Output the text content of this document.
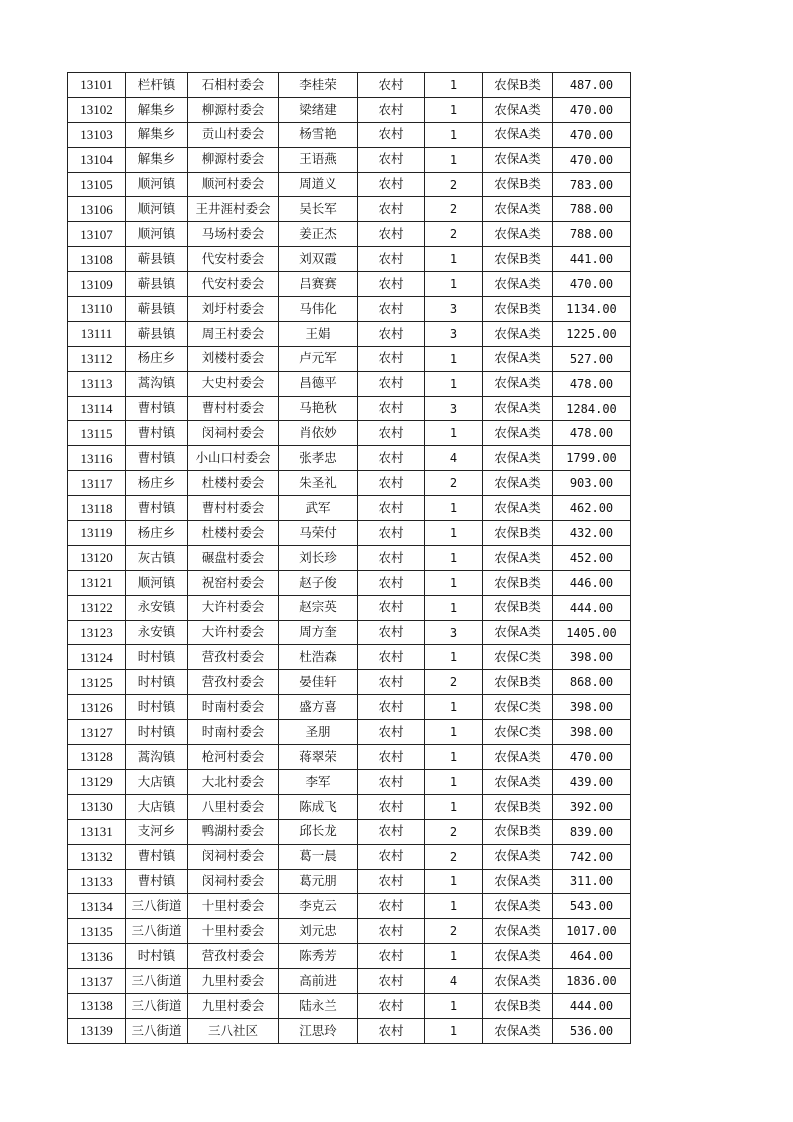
13101	栏杆镇	石相村委会	李桂荣	农村	1	农保B类	487.00
13102	解集乡	柳源村委会	梁绪建	农村	1	农保A类	470.00
13103	解集乡	贡山村委会	杨雪艳	农村	1	农保A类	470.00
13104	解集乡	柳源村委会	王语燕	农村	1	农保A类	470.00
13105	顺河镇	顺河村委会	周道义	农村	2	农保B类	783.00
13106	顺河镇	王井涯村委会	吴长军	农村	2	农保A类	788.00
13107	顺河镇	马场村委会	姜正杰	农村	2	农保A类	788.00
13108	蕲县镇	代安村委会	刘双霞	农村	1	农保B类	441.00
13109	蕲县镇	代安村委会	吕赛赛	农村	1	农保A类	470.00
13110	蕲县镇	刘圩村委会	马伟化	农村	3	农保B类	1134.00
13111	蕲县镇	周王村委会	王娟	农村	3	农保A类	1225.00
13112	杨庄乡	刘楼村委会	卢元军	农村	1	农保A类	527.00
13113	蒿沟镇	大史村委会	昌德平	农村	1	农保A类	478.00
13114	曹村镇	曹村村委会	马艳秋	农村	3	农保A类	1284.00
13115	曹村镇	闵祠村委会	肖依妙	农村	1	农保A类	478.00
13116	曹村镇	小山口村委会	张孝忠	农村	4	农保A类	1799.00
13117	杨庄乡	杜楼村委会	朱圣礼	农村	2	农保A类	903.00
13118	曹村镇	曹村村委会	武军	农村	1	农保A类	462.00
13119	杨庄乡	杜楼村委会	马荣付	农村	1	农保B类	432.00
13120	灰古镇	碾盘村委会	刘长珍	农村	1	农保A类	452.00
13121	顺河镇	祝窑村委会	赵子俊	农村	1	农保B类	446.00
13122	永安镇	大许村委会	赵宗英	农村	1	农保B类	444.00
13123	永安镇	大许村委会	周方奎	农村	3	农保A类	1405.00
13124	时村镇	营孜村委会	杜浩森	农村	1	农保C类	398.00
13125	时村镇	营孜村委会	晏佳轩	农村	2	农保B类	868.00
13126	时村镇	时南村委会	盛方喜	农村	1	农保C类	398.00
13127	时村镇	时南村委会	圣朋	农村	1	农保C类	398.00
13128	蒿沟镇	枪河村委会	蒋翠荣	农村	1	农保A类	470.00
13129	大店镇	大北村委会	李军	农村	1	农保A类	439.00
13130	大店镇	八里村委会	陈成飞	农村	1	农保B类	392.00
13131	支河乡	鸭湖村委会	邱长龙	农村	2	农保B类	839.00
13132	曹村镇	闵祠村委会	葛一晨	农村	2	农保A类	742.00
13133	曹村镇	闵祠村委会	葛元朋	农村	1	农保A类	311.00
13134	三八街道	十里村委会	李克云	农村	1	农保A类	543.00
13135	三八街道	十里村委会	刘元忠	农村	2	农保A类	1017.00
13136	时村镇	营孜村委会	陈秀芳	农村	1	农保A类	464.00
13137	三八街道	九里村委会	高前进	农村	4	农保A类	1836.00
13138	三八街道	九里村委会	陆永兰	农村	1	农保B类	444.00
13139	三八街道	三八社区	江思玲	农村	1	农保A类	536.00
